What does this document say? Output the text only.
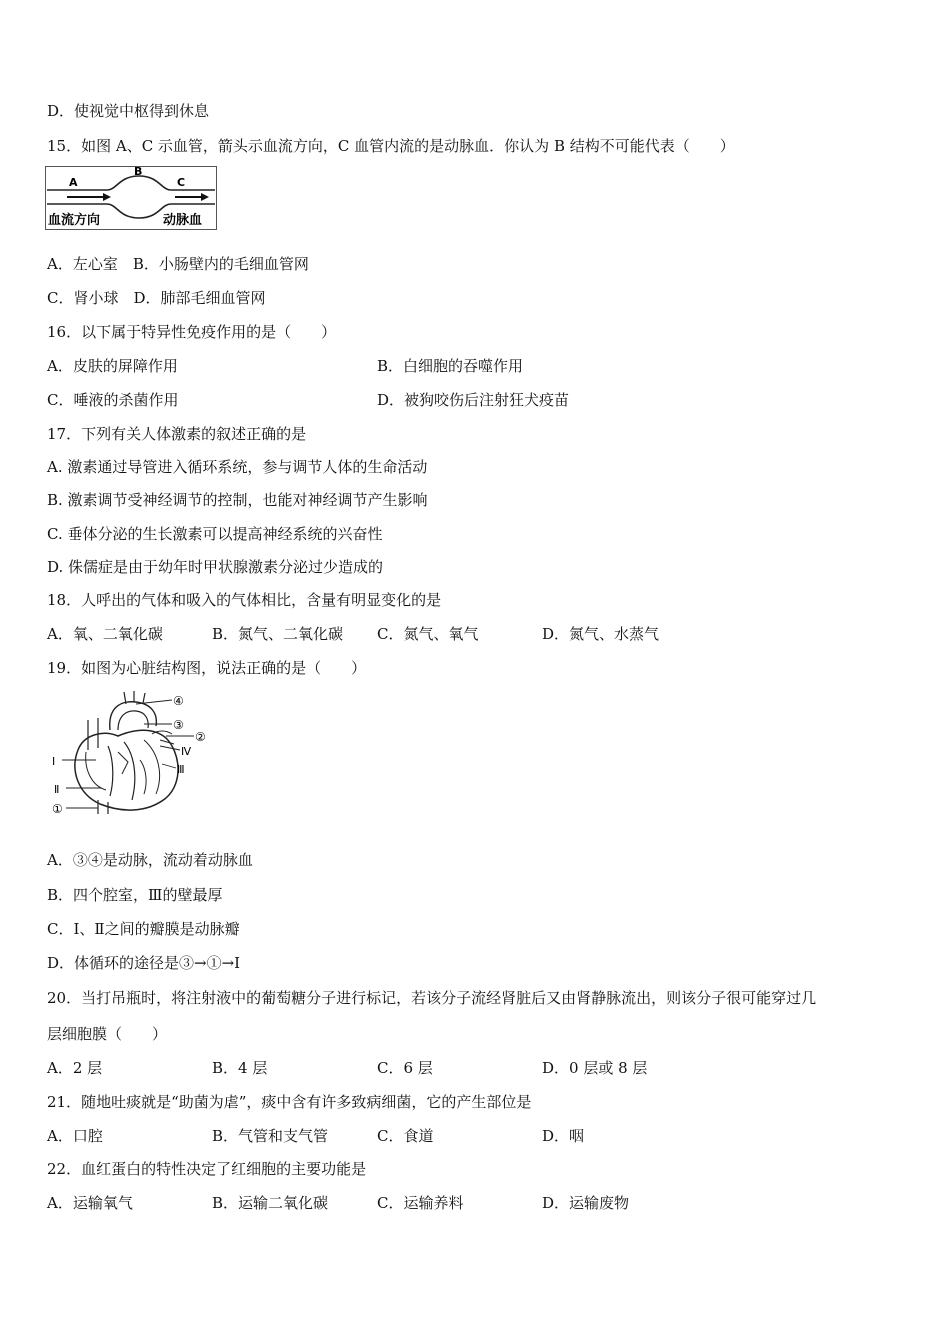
D．使视觉中枢得到休息
15．如图 A、C 示血管，箭头示血流方向，C 血管内流的是动脉血．你认为 B 结构不可能代表（　　）
A
B
C
血流方向	动脉血
A．左心室　B．小肠壁内的毛细血管网
C．肾小球　D．肺部毛细血管网
16．以下属于特异性免疫作用的是（　　）
A．皮肤的屏障作用	B．白细胞的吞噬作用
C．唾液的杀菌作用	D．被狗咬伤后注射狂犬疫苗
17．下列有关人体激素的叙述正确的是
A. 激素通过导管进入循环系统，参与调节人体的生命活动
B. 激素调节受神经调节的控制，也能对神经调节产生影响
C. 垂体分泌的生长激素可以提高神经系统的兴奋性
D. 侏儒症是由于幼年时甲状腺激素分泌过少造成的
18．人呼出的气体和吸入的气体相比，含量有明显变化的是
A．氧、二氧化碳	B．氮气、二氧化碳 C．氮气、氧气	D．氮气、水蒸气
19．如图为心脏结构图，说法正确的是（　　）
④
③
②
Ⅳ
Ⅲ
Ⅰ
Ⅱ
①
A．③④是动脉，流动着动脉血
B．四个腔室，Ⅲ的壁最厚
C．Ⅰ、Ⅱ之间的瓣膜是动脉瓣
D．体循环的途径是③→①→Ⅰ
20．当打吊瓶时，将注射液中的葡萄糖分子进行标记，若该分子流经肾脏后又由肾静脉流出，则该分子很可能穿过几
层细胞膜（　　）
A．2 层	B．4 层	C．6 层	D．0 层或 8 层
21．随地吐痰就是“助菌为虐”，痰中含有许多致病细菌，它的产生部位是
A．口腔	B．气管和支气管	C．食道	D．咽
22．血红蛋白的特性决定了红细胞的主要功能是
A．运输氧气	B．运输二氧化碳	C．运输养料	D．运输废物
